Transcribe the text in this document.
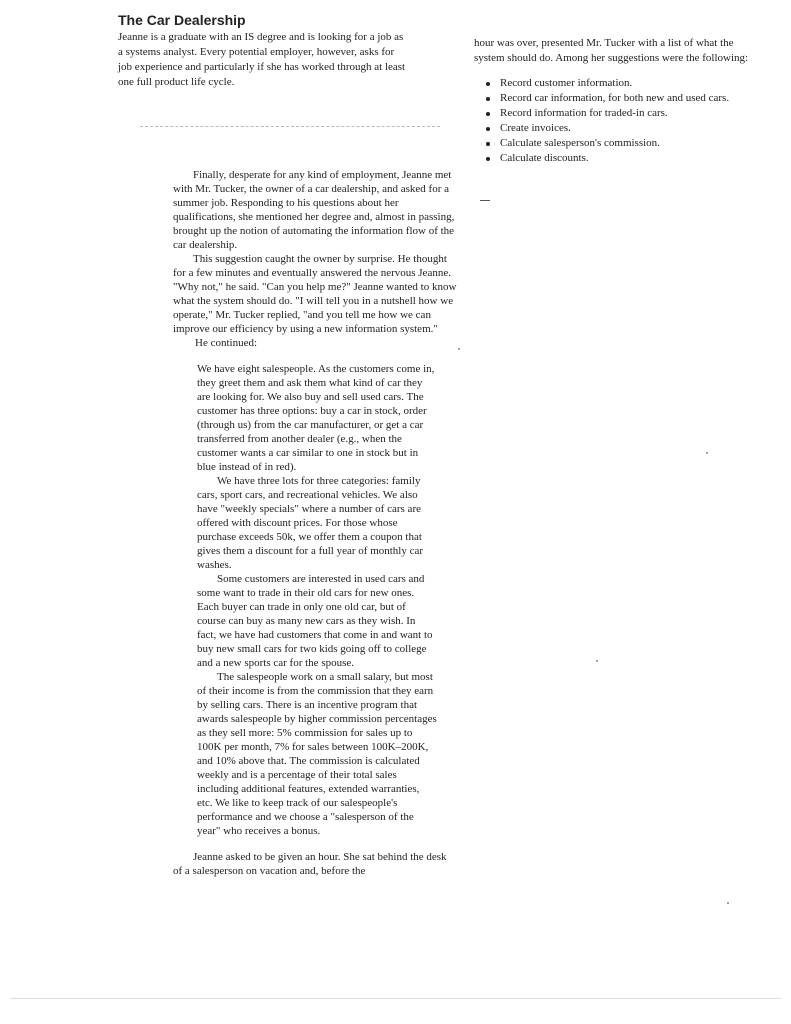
The Car Dealership
Jeanne is a graduate with an IS degree and is looking for a job as a systems analyst. Every potential employer, however, asks for job experience and particularly if she has worked through at least one full product life cycle.

Finally, desperate for any kind of employment, Jeanne met with Mr. Tucker, the owner of a car dealership, and asked for a summer job. Responding to his questions about her qualifications, she mentioned her degree and, almost in passing, brought up the notion of automating the information flow of the car dealership.

This suggestion caught the owner by surprise. He thought for a few minutes and eventually answered the nervous Jeanne. "Why not," he said. "Can you help me?" Jeanne wanted to know what the system should do. "I will tell you in a nutshell how we operate," Mr. Tucker replied, "and you tell me how we can improve our efficiency by using a new information system."

He continued:

We have eight salespeople. As the customers come in, they greet them and ask them what kind of car they are looking for. We also buy and sell used cars. The customer has three options: buy a car in stock, order (through us) from the car manufacturer, or get a car transferred from another dealer (e.g., when the customer wants a car similar to one in stock but in blue instead of in red).

We have three lots for three categories: family cars, sport cars, and recreational vehicles. We also have "weekly specials" where a number of cars are offered with discount prices. For those whose purchase exceeds 50k, we offer them a coupon that gives them a discount for a full year of monthly car washes.

Some customers are interested in used cars and some want to trade in their old cars for new ones. Each buyer can trade in only one old car, but of course can buy as many new cars as they wish. In fact, we have had customers that come in and want to buy new small cars for two kids going off to college and a new sports car for the spouse.

The salespeople work on a small salary, but most of their income is from the commission that they earn by selling cars. There is an incentive program that awards salespeople by higher commission percentages as they sell more: 5% commission for sales up to 100K per month, 7% for sales between 100K–200K, and 10% above that. The commission is calculated weekly and is a percentage of their total sales including additional features, extended warranties, etc. We like to keep track of our salespeople's performance and we choose a "salesperson of the year" who receives a bonus.

Jeanne asked to be given an hour. She sat behind the desk of a salesperson on vacation and, before the

hour was over, presented Mr. Tucker with a list of what the system should do. Among her suggestions were the following:

Record customer information.
Record car information, for both new and used cars.
Record information for traded-in cars.
Create invoices.
Calculate salesperson's commission.
Calculate discounts.
